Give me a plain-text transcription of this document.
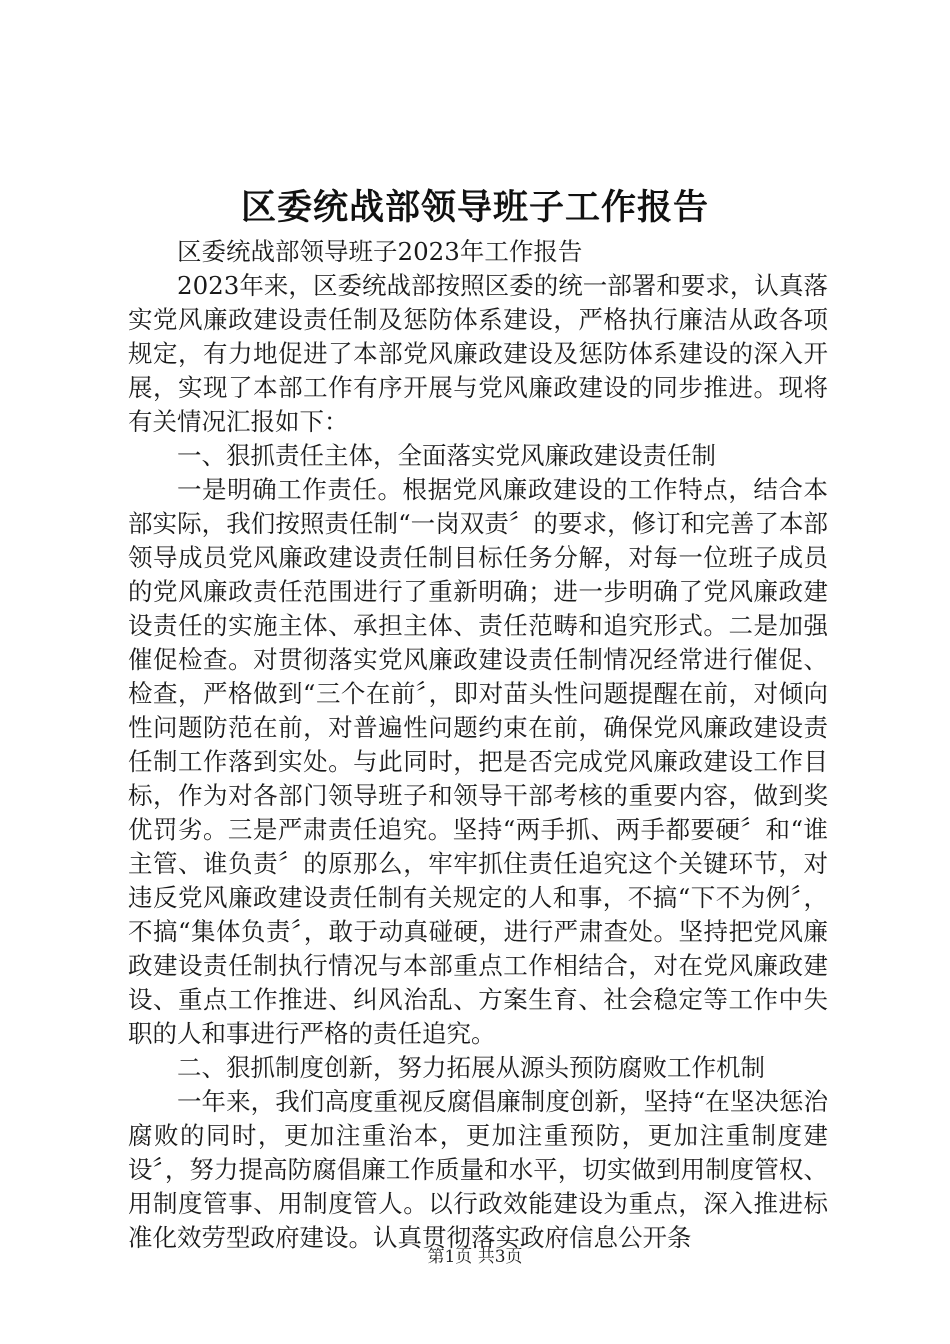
区委统战部领导班子工作报告

区委统战部领导班子2023年工作报告

2023年来，区委统战部按照区委的统一部署和要求，认真落实党风廉政建设责任制及惩防体系建设，严格执行廉洁从政各项规定，有力地促进了本部党风廉政建设及惩防体系建设的深入开展，实现了本部工作有序开展与党风廉政建设的同步推进。现将有关情况汇报如下：

一、狠抓责任主体，全面落实党风廉政建设责任制

一是明确工作责任。根据党风廉政建设的工作特点，结合本部实际，我们按照责任制“一岗双责〞的要求，修订和完善了本部领导成员党风廉政建设责任制目标任务分解，对每一位班子成员的党风廉政责任范围进行了重新明确；进一步明确了党风廉政建设责任的实施主体、承担主体、责任范畴和追究形式。二是加强催促检查。对贯彻落实党风廉政建设责任制情况经常进行催促、检查，严格做到“三个在前〞，即对苗头性问题提醒在前，对倾向性问题防范在前，对普遍性问题约束在前，确保党风廉政建设责任制工作落到实处。与此同时，把是否完成党风廉政建设工作目标，作为对各部门领导班子和领导干部考核的重要内容，做到奖优罚劣。三是严肃责任追究。坚持“两手抓、两手都要硬〞和“谁主管、谁负责〞的原那么，牢牢抓住责任追究这个关键环节，对违反党风廉政建设责任制有关规定的人和事，不搞“下不为例〞，不搞“集体负责〞，敢于动真碰硬，进行严肃查处。坚持把党风廉政建设责任制执行情况与本部重点工作相结合，对在党风廉政建设、重点工作推进、纠风治乱、方案生育、社会稳定等工作中失职的人和事进行严格的责任追究。

二、狠抓制度创新，努力拓展从源头预防腐败工作机制

一年来，我们高度重视反腐倡廉制度创新，坚持“在坚决惩治腐败的同时，更加注重治本，更加注重预防，更加注重制度建设〞，努力提高防腐倡廉工作质量和水平，切实做到用制度管权、用制度管事、用制度管人。以行政效能建设为重点，深入推进标准化效劳型政府建设。认真贯彻落实政府信息公开条

第1页 共3页
